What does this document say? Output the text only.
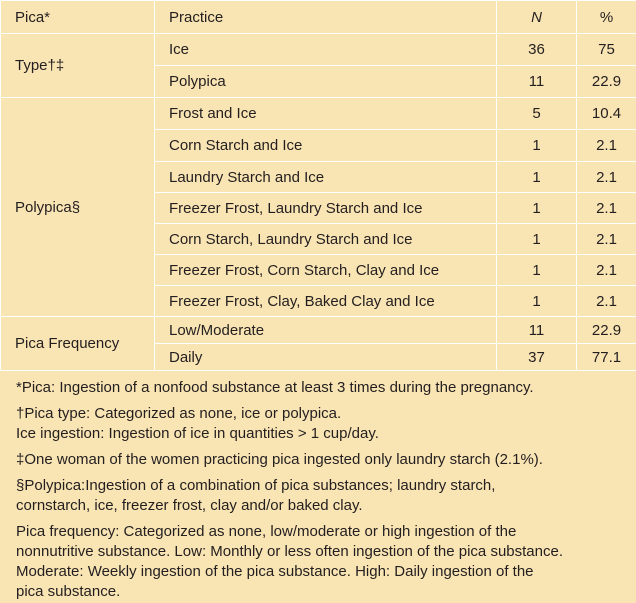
Pica*	Practice	N	%
Type†‡	Ice	36	75
	Polypica	11	22.9
Polypica§	Frost and Ice	5	10.4
	Corn Starch and Ice	1	2.1
	Laundry Starch and Ice	1	2.1
	Freezer Frost, Laundry Starch and Ice	1	2.1
	Corn Starch, Laundry Starch and Ice	1	2.1
	Freezer Frost, Corn Starch, Clay and Ice	1	2.1
	Freezer Frost, Clay, Baked Clay and Ice	1	2.1
Pica Frequency	Low/Moderate	11	22.9
	Daily	37	77.1
*Pica: Ingestion of a nonfood substance at least 3 times during the pregnancy.
†Pica type: Categorized as none, ice or polypica.
Ice ingestion: Ingestion of ice in quantities > 1 cup/day.
‡One woman of the women practicing pica ingested only laundry starch (2.1%).
§Polypica:Ingestion of a combination of pica substances; laundry starch,
cornstarch, ice, freezer frost, clay and/or baked clay.
Pica frequency: Categorized as none, low/moderate or high ingestion of the
nonnutritive substance. Low: Monthly or less often ingestion of the pica substance.
Moderate: Weekly ingestion of the pica substance. High: Daily ingestion of the
pica substance.
